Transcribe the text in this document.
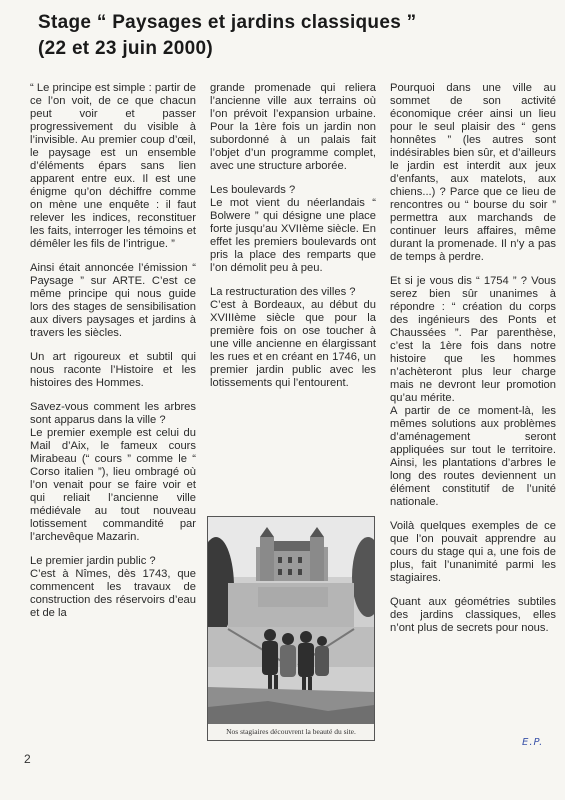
Stage “ Paysages et jardins classiques ”
(22 et 23 juin 2000)

“ Le principe est simple : partir de ce l’on voit, de ce que chacun peut voir et passer progressivement du visible à l’invisible. Au premier coup d’œil, le paysage est un ensemble d’éléments épars sans lien apparent entre eux. Il est une énigme qu’on déchiffre comme on mène une enquête : il faut relever les indices, reconstituer les faits, interroger les témoins et démêler les fils de l’intrigue. ”

Ainsi était annoncée l’émission “ Paysage ” sur ARTE. C’est ce même principe qui nous guide lors des stages de sensibilisation aux divers paysages et jardins à travers les siècles.

Un art rigoureux et subtil qui nous raconte l’Histoire et les histoires des Hommes.

Savez-vous comment les arbres sont apparus dans la ville ?
Le premier exemple est celui du Mail d’Aix, le fameux cours Mirabeau (“ cours ” comme le “ Corso italien ”), lieu ombragé où l’on venait pour se faire voir et qui reliait l’ancienne ville médiévale au tout nouveau lotissement commandité par l’archevêque Mazarin.

Le premier jardin public ?
C’est à Nîmes, dès 1743, que commencent les travaux de construction des réservoirs d’eau et de la

grande promenade qui reliera l’ancienne ville aux terrains où l’on prévoit l’expansion urbaine. Pour la 1ère fois un jardin non subordonné à un palais fait l’objet d’un programme complet, avec une structure arborée.

Les boulevards ?
Le mot vient du néerlandais “ Bolwere ” qui désigne une place forte jusqu’au XVIIème siècle. En effet les premiers boulevards ont pris la place des remparts que l’on démolit peu à peu.

La restructuration des villes ?
C’est à Bordeaux, au début du XVIIIème siècle que pour la première fois on ose toucher à une ville ancienne en élargissant les rues et en créant en 1746, un premier jardin public avec les lotissements qui l’entourent.

Pourquoi dans une ville au sommet de son activité économique créer ainsi un lieu pour le seul plaisir des “ gens honnêtes ” (les autres sont indésirables bien sûr, et d’ailleurs le jardin est interdit aux jeux d’enfants, aux matelots, aux chiens...) ? Parce que ce lieu de rencontres ou “ bourse du soir ” permettra aux marchands de continuer leurs affaires, même durant la promenade. Il n’y a pas de temps à perdre.

Et si je vous dis “ 1754 ” ? Vous serez bien sûr unanimes à répondre : “ création du corps des ingénieurs des Ponts et Chaussées ”. Par parenthèse, c’est la 1ère fois dans notre histoire que les hommes n’achèteront plus leur charge mais ne devront leur promotion qu’au mérite.
A partir de ce moment-là, les mêmes solutions aux problèmes d’aménagement seront appliquées sur tout le territoire. Ainsi, les plantations d’arbres le long des routes deviennent un élément constitutif de l’unité nationale.

Voilà quelques exemples de ce que l’on pouvait apprendre au cours du stage qui a, une fois de plus, fait l’unanimité parmi les stagiaires.

Quant aux géométries subtiles des jardins classiques, elles n’ont plus de secrets pour nous.

Nos stagiaires découvrent la beauté du site.
2
E.P.
